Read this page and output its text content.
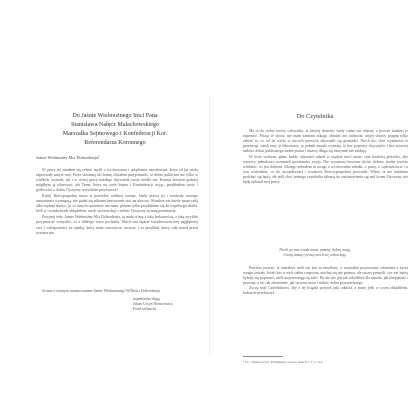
Do Jaśnie Wielmożnego Imci Pana
Stanisława Nałęcz Małachowskiego
Marszałka Sejmowego i Konfederacji Kor.
Referendarza Koronnego
Jaśnie Wielmożny Mci Dobrodzieju!

W pracy tej starałem się zebrać myśli o wychowaniu i urządzeniu narodowym, które od lat wielu zajmowały umysł mój. Przez skromną ich formę chciałem przypomnieć, iż dobro publiczne nie tylko w wielkich czynach, ale i w cichej pracy każdego obywatela swoje źródło ma. Komuż bowiem godniej mógłbym ją ofiarować, jak Temu, który na czele Sejmu i Konfederacji stojąc, przykładem cnoty i gorliwości o dobro Ojczyzny wszystkim przyświeca?

Kiedy Rzeczpospolita nasza w potrzebie wielkiej zostaje, kiedy prawa jej i swobody nowego umocnienia wymagają, nie godzi się nikomu bezczynnie stać na uboczu. Wszakże nie każdy może radą albo orężem służyć; ja, co innych sposobów nie mam, piórem tylko przykładam się do wspólnego dzieła. Jeśli w czymkolwiek zbłądziłem, niech szczera chęć i miłość Ojczyzny za mną przemawia.

Przyjmij tedy, Jaśnie Wielmożny Mci Dobrodzieju, tę małą ofiarę z taką łaskawością, z jaką zwykłeś przyjmować wszystko, co z dobrego serca pochodzi. Niech ona będzie świadectwem mej najgłębszej czci i wdzięczności za opiekę, którą mnie zaszczycać raczysz, i za przykład, który cały naród przed oczyma ma.

Jestem z winnym uszanowaniem Jaśnie Wielmożnego W.Mości Dobrodzieja
najniższym sługą
Julian Ursyn Niemcewicz
Poseł inflancki
Do Czytelnika

Ma to do siebie rzeczy człowieka, iż łatwiej dostrzec wady cudze niż własne, a jeszcze trudniej je naprawić. Pisząc te słowa, nie mam zamiaru nikogo obrażać ani uwłaczać czyjej sławie; pragnę tylko zebrać to, co od lat wielu w sercach prawych obywateli się gromadzi. Niech kto chce wyśmiewa te przestrogi, niech inny je lekceważy, ja jednak śmiało wyznaję, iż bez poprawy obyczajów i bez szczerej miłości dobra publicznego żadne prawa i ustawy długo się utrzymać nie zdołają.

W losie wolnym, gdzie każdy obywatel udział w rządzie mieć może, tym bardziej potrzeba, aby wszyscy jednakowo rozumieli powinności swoje. Nie wystarcza bowiem chcieć dobrze, trzeba jeszcze wiedzieć, co jest dobrem. Dlatego zebrałem tu uwagi o wychowaniu młodzi, o pracy, o sądownictwie i o tym wszystkim, co do szczęśliwości i trwałości Rzeczypospolitej prowadzi. Wiem, iż nie każdemu podobać się będą; ale jeśli choć jednego czytelnika skłonią do zastanowienia się nad losem Ojczyzny, nie będę żałował mej pracy.

Niech po nas wnuki nasze pamięć dobrą mają,
Cnotą naszą i pracą niech się wsławiają.

Powiem jeszcze, iż charakter osób nie jest tu zmyślony, a wszystkie przytoczone zdarzenia z życia wzięte zostały. Jeżeli kto w nich siebie rozpozna, niechaj się nie gniewa, ale raczej pomyśli, czy nie lepiej byłoby się poprawić, niźli na przestrogę się żalić. Bo nic nie jest tak szkodliwe dla narodu, jak obojętność i prywata, a nic tak zbawienne, jak szczera cnota i miłość dobra powszechnego.

Życzę tedy Czytelnikowi, aby z tej książki pożytek jaki odniósł, a mnie, jeśli w czym zbłądziłem, łaskawie przebaczył.

¹ J.U. Niemcewicz, Pamiętniki czasów moich, t. I, s. 112.
